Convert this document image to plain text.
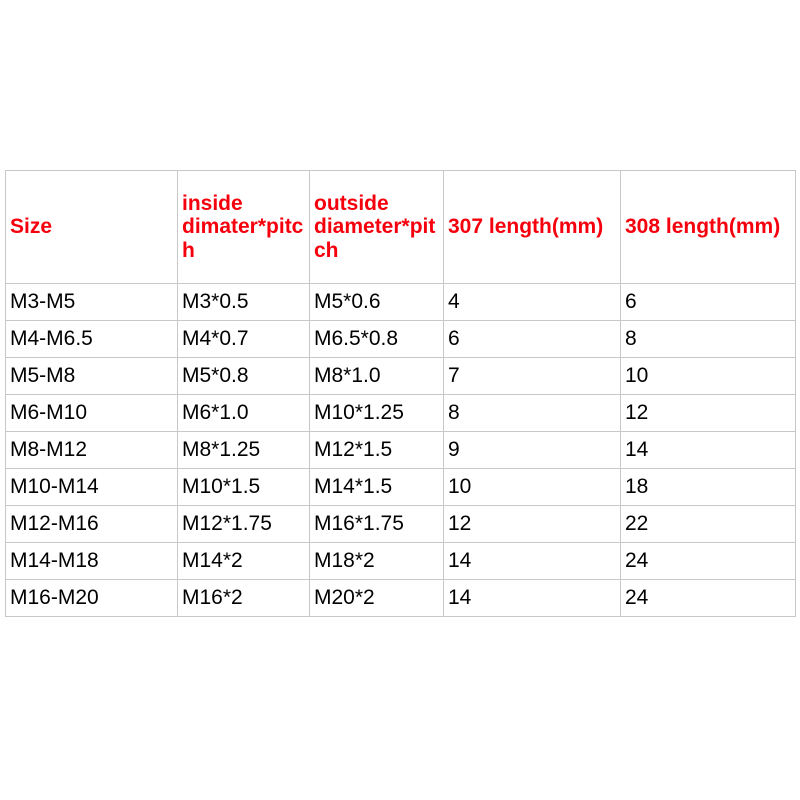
Size	inside dimater*pitch	outside diameter*pitch	307 length(mm)	308 length(mm)
M3-M5	M3*0.5	M5*0.6	4	6
M4-M6.5	M4*0.7	M6.5*0.8	6	8
M5-M8	M5*0.8	M8*1.0	7	10
M6-M10	M6*1.0	M10*1.25	8	12
M8-M12	M8*1.25	M12*1.5	9	14
M10-M14	M10*1.5	M14*1.5	10	18
M12-M16	M12*1.75	M16*1.75	12	22
M14-M18	M14*2	M18*2	14	24
M16-M20	M16*2	M20*2	14	24
